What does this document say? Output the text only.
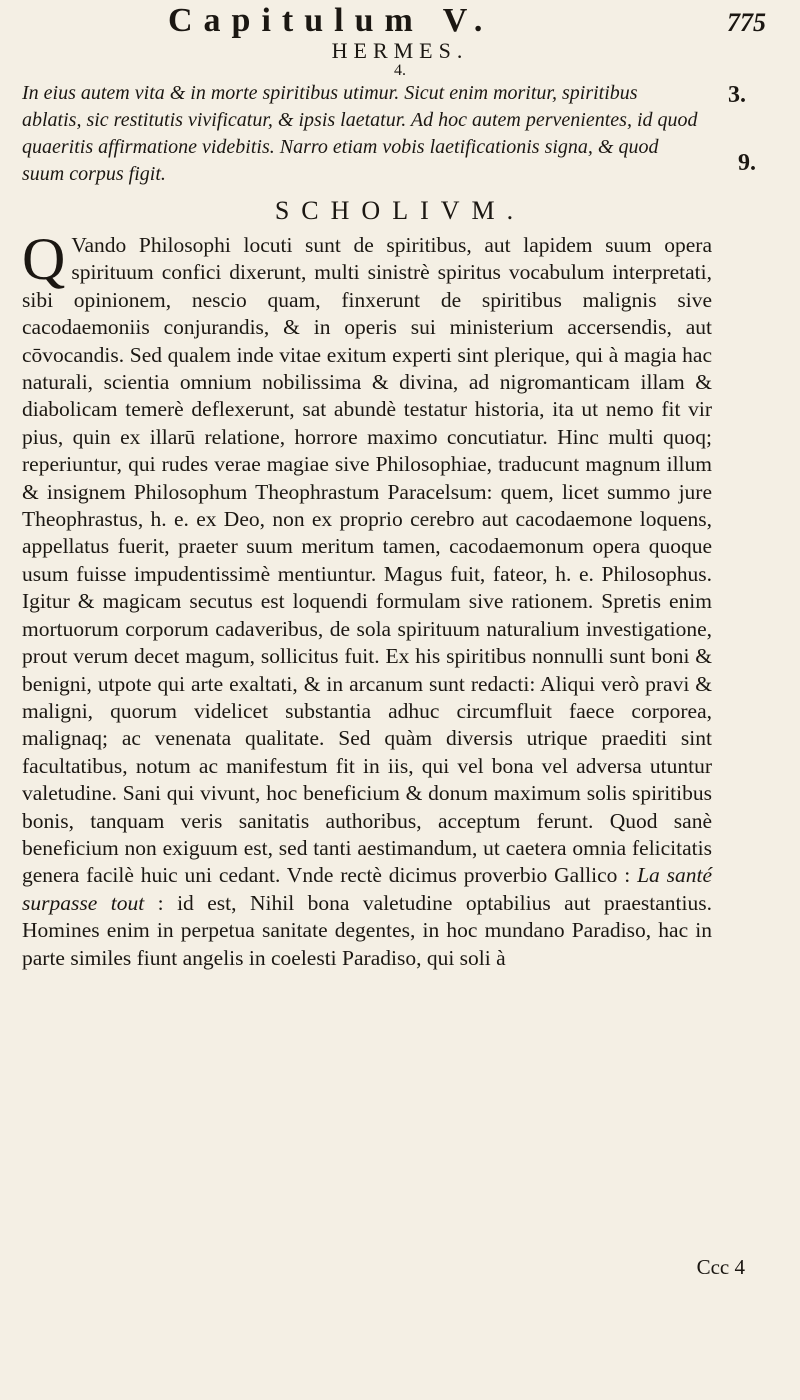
Capitulum V.	775
HERMES.
4.
In eius autem vita & in morte spiritibus utimur. Sicut enim moritur, spiritibus ablatis, sic restitutis vivificatur, & ipsis laetatur. Ad hoc autem pervenientes, id quod quaeritis affirmatione videbitis. Narro etiam vobis laetificationis signa, & quod suum corpus figit.
3.
9.
SCHOLIVM.
Q Vando Philosophi locuti sunt de spiritibus, aut lapidem suum opera spirituum confici dixerunt, multi sinistrè spiritus vocabulum interpretati, sibi opinionem, nescio quam, finxerunt de spiritibus malignis sive cacodaemoniis conjurandis, & in operis sui ministerium accersendis, aut cōvocandis. Sed qualem inde vitae exitum experti sint plerique, qui à magia hac naturali, scientia omnium nobilissima & divina, ad nigromanticam illam & diabolicam temerè deflexerunt, sat abundè testatur historia, ita ut nemo fit vir pius, quin ex illarū relatione, horrore maximo concutiatur. Hinc multi quoq; reperiuntur, qui rudes verae magiae sive Philosophiae, traducunt magnum illum & insignem Philosophum Theophrastum Paracelsum: quem, licet summo jure Theophrastus, h. e. ex Deo, non ex proprio cerebro aut cacodaemone loquens, appellatus fuerit, praeter suum meritum tamen, cacodaemonum opera quoque usum fuisse impudentissimè mentiuntur. Magus fuit, fateor, h. e. Philosophus. Igitur & magicam secutus est loquendi formulam sive rationem. Spretis enim mortuorum corporum cadaveribus, de sola spirituum naturalium investigatione, prout verum decet magum, sollicitus fuit. Ex his spiritibus nonnulli sunt boni & benigni, utpote qui arte exaltati, & in arcanum sunt redacti: Aliqui verò pravi & maligni, quorum videlicet substantia adhuc circumfluit faece corporea, malignaq; ac venenata qualitate. Sed quàm diversis utrique praediti sint facultatibus, notum ac manifestum fit in iis, qui vel bona vel adversa utuntur valetudine. Sani qui vivunt, hoc beneficium & donum maximum solis spiritibus bonis, tanquam veris sanitatis authoribus, acceptum ferunt. Quod sanè beneficium non exiguum est, sed tanti aestimandum, ut caetera omnia felicitatis genera facilè huic uni cedant. Vnde rectè dicimus proverbio Gallico : La santé surpasse tout : id est, Nihil bona valetudine optabilius aut praestantius. Homines enim in perpetua sanitate degentes, in hoc mundano Paradiso, hac in parte similes fiunt angelis in coelesti Paradiso, qui soli à
Ccc 4
